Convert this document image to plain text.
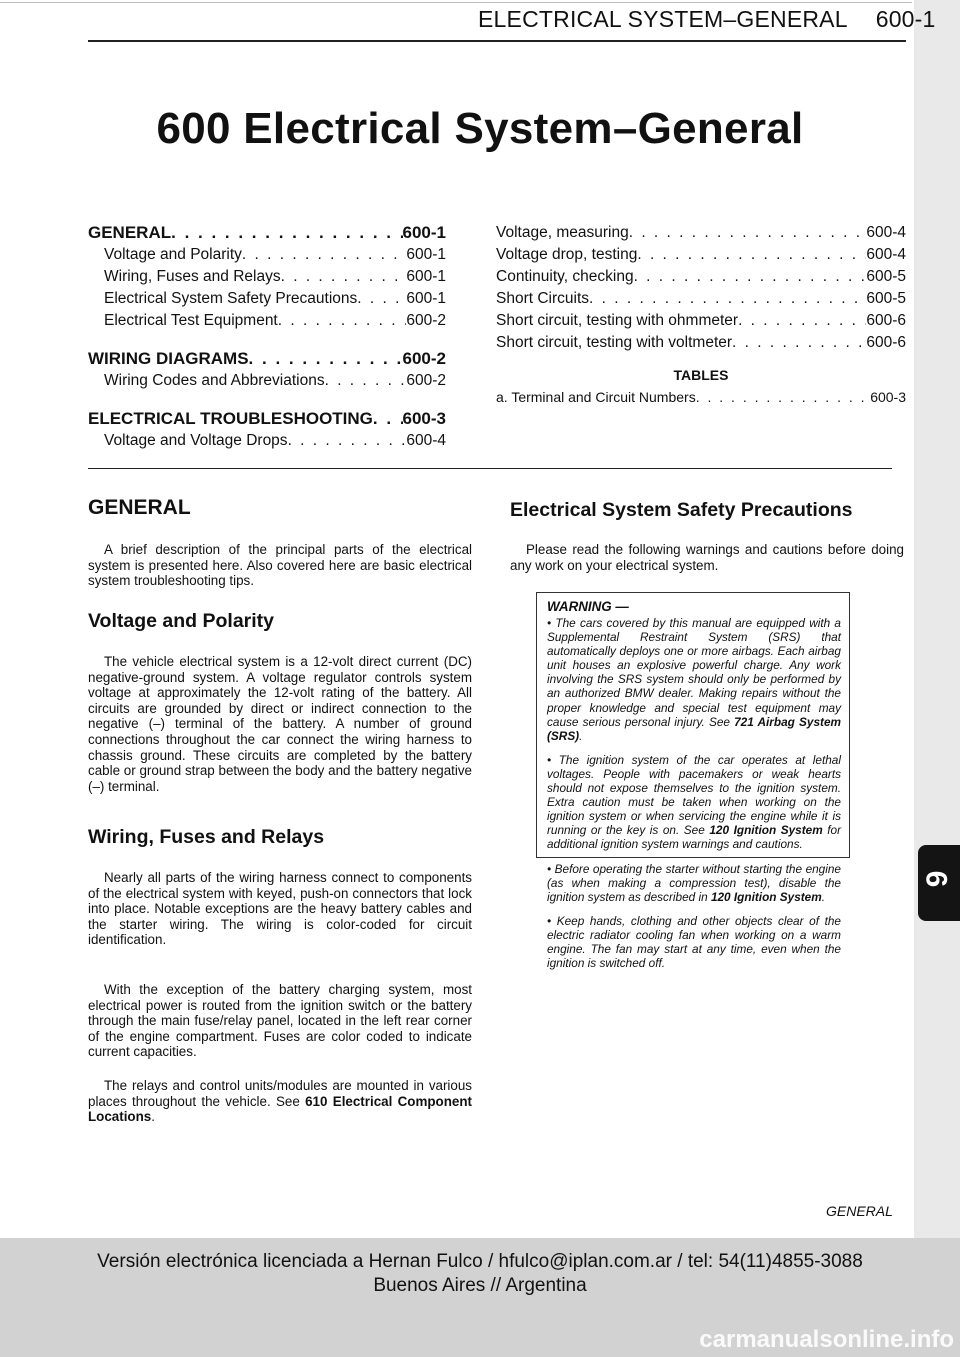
ELECTRICAL SYSTEM–GENERAL 600-1
600 Electrical System–General
GENERAL . . .	600-1
Voltage and Polarity . . .	600-1
Wiring, Fuses and Relays . . .	600-1
Electrical System Safety Precautions . . .	600-1
Electrical Test Equipment . . .	600-2
WIRING DIAGRAMS . . .	600-2
Wiring Codes and Abbreviations . . .	600-2
ELECTRICAL TROUBLESHOOTING . . . 600-3
Voltage and Voltage Drops . . .	600-4
Voltage, measuring . . .	600-4
Voltage drop, testing . . .	600-4
Continuity, checking . . .	600-5
Short Circuits . . .	600-5
Short circuit, testing with ohmmeter . . .	600-6
Short circuit, testing with voltmeter . . .	600-6
TABLES
a. Terminal and Circuit Numbers . . .	600-3
GENERAL

A brief description of the principal parts of the electrical system is presented here. Also covered here are basic electrical system troubleshooting tips.

Voltage and Polarity

The vehicle electrical system is a 12-volt direct current (DC) negative-ground system. A voltage regulator controls system voltage at approximately the 12-volt rating of the battery. All circuits are grounded by direct or indirect connection to the negative (–) terminal of the battery. A number of ground connections throughout the car connect the wiring harness to chassis ground. These circuits are completed by the battery cable or ground strap between the body and the battery negative (–) terminal.

Wiring, Fuses and Relays

Nearly all parts of the wiring harness connect to components of the electrical system with keyed, push-on connectors that lock into place. Notable exceptions are the heavy battery cables and the starter wiring. The wiring is color-coded for circuit identification.

With the exception of the battery charging system, most electrical power is routed from the ignition switch or the battery through the main fuse/relay panel, located in the left rear corner of the engine compartment. Fuses are color coded to indicate current capacities.

The relays and control units/modules are mounted in various places throughout the vehicle. See 610 Electrical Component Locations.

Electrical System Safety Precautions

Please read the following warnings and cautions before doing any work on your electrical system.

WARNING —

• The cars covered by this manual are equipped with a Supplemental Restraint System (SRS) that automatically deploys one or more airbags. Each airbag unit houses an explosive powerful charge. Any work involving the SRS system should only be performed by an authorized BMW dealer. Making repairs without the proper knowledge and special test equipment may cause serious personal injury. See 721 Airbag System (SRS).

• The ignition system of the car operates at lethal voltages. People with pacemakers or weak hearts should not expose themselves to the ignition system. Extra caution must be taken when working on the ignition system or when servicing the engine while it is running or the key is on. See 120 Ignition System for additional ignition system warnings and cautions.

• Before operating the starter without starting the engine (as when making a compression test), disable the ignition system as described in 120 Ignition System.

• Keep hands, clothing and other objects clear of the electric radiator cooling fan when working on a warm engine. The fan may start at any time, even when the ignition is switched off.

GENERAL
6
Versión electrónica licenciada a Hernan Fulco / hfulco@iplan.com.ar / tel: 54(11)4855-3088
Buenos Aires // Argentina
carmanualsonline.info
